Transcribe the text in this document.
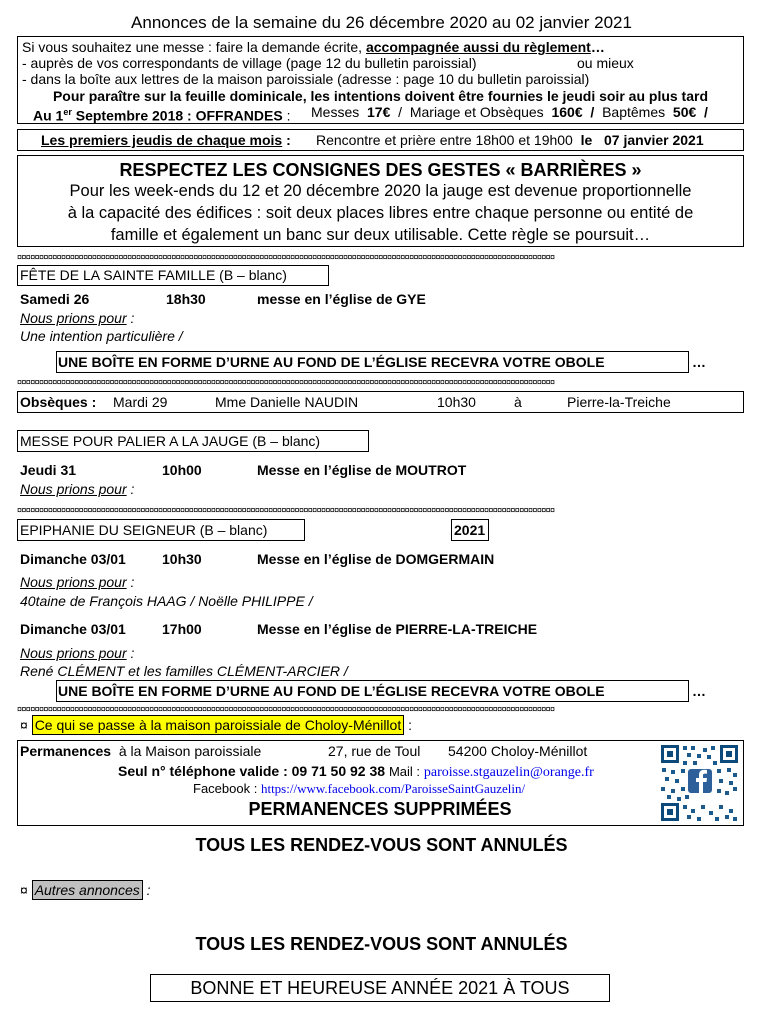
Annonces de la semaine du 26 décembre 2020 au 02 janvier 2021
Si vous souhaitez une messe : faire la demande écrite, accompagnée aussi du règlement…
- auprès de vos correspondants de village (page 12 du bulletin paroissial)	ou mieux
- dans la boîte aux lettres de la maison paroissiale (adresse : page 10 du bulletin paroissial)
Pour paraître sur la feuille dominicale, les intentions doivent être fournies le jeudi soir au plus tard
Au 1er Septembre 2018 : OFFRANDES : Messes 17€ / Mariage et Obsèques 160€ / Baptêmes 50€ /
Les premiers jeudis de chaque mois : Rencontre et prière entre 18h00 et 19h00 le 07 janvier 2021
RESPECTEZ LES CONSIGNES DES GESTES « BARRIÈRES »
Pour les week-ends du 12 et 20 décembre 2020 la jauge est devenue proportionnelle
à la capacité des édifices : soit deux places libres entre chaque personne ou entité de
famille et également un banc sur deux utilisable. Cette règle se poursuit…
¤¤¤¤¤¤¤¤¤¤¤¤¤¤¤¤¤¤¤¤¤¤¤¤¤¤¤¤¤¤¤¤¤¤¤¤¤¤¤¤¤¤¤¤¤¤¤¤¤¤¤¤¤¤¤¤¤¤¤¤¤¤¤¤¤¤¤¤¤¤¤¤¤¤¤¤¤¤¤¤¤¤¤¤¤¤¤¤¤¤¤¤¤¤¤¤¤¤¤¤¤¤¤¤¤¤¤¤¤¤¤¤¤¤¤¤¤¤¤¤¤¤
FÊTE DE LA SAINTE FAMILLE (B – blanc)
Samedi 26	18h30	messe en l’église de GYE
Nous prions pour :
Une intention particulière /
UNE BOÎTE EN FORME D’URNE AU FOND DE L’ÉGLISE RECEVRA VOTRE OBOLE	…
¤¤¤¤¤¤¤¤¤¤¤¤¤¤¤¤¤¤¤¤¤¤¤¤¤¤¤¤¤¤¤¤¤¤¤¤¤¤¤¤¤¤¤¤¤¤¤¤¤¤¤¤¤¤¤¤¤¤¤¤¤¤¤¤¤¤¤¤¤¤¤¤¤¤¤¤¤¤¤¤¤¤¤¤¤¤¤¤¤¤¤¤¤¤¤¤¤¤¤¤¤¤¤¤¤¤¤¤¤¤¤¤¤¤¤¤¤¤¤¤¤¤
Obsèques : Mardi 29	Mme Danielle NAUDIN	10h30	à	Pierre-la-Treiche
MESSE POUR PALIER A LA JAUGE (B – blanc)
Jeudi 31	10h00	Messe en l’église de MOUTROT
Nous prions pour :
¤¤¤¤¤¤¤¤¤¤¤¤¤¤¤¤¤¤¤¤¤¤¤¤¤¤¤¤¤¤¤¤¤¤¤¤¤¤¤¤¤¤¤¤¤¤¤¤¤¤¤¤¤¤¤¤¤¤¤¤¤¤¤¤¤¤¤¤¤¤¤¤¤¤¤¤¤¤¤¤¤¤¤¤¤¤¤¤¤¤¤¤¤¤¤¤¤¤¤¤¤¤¤¤¤¤¤¤¤¤¤¤¤¤¤¤¤¤¤¤¤¤
EPIPHANIE DU SEIGNEUR (B – blanc)	2021
Dimanche 03/01	10h30	Messe en l’église de DOMGERMAIN
Nous prions pour :
40taine de François HAAG / Noëlle PHILIPPE /
Dimanche 03/01	17h00	Messe en l’église de PIERRE-LA-TREICHE
Nous prions pour :
René CLÉMENT et les familles CLÉMENT-ARCIER /
UNE BOÎTE EN FORME D’URNE AU FOND DE L’ÉGLISE RECEVRA VOTRE OBOLE	…
¤¤¤¤¤¤¤¤¤¤¤¤¤¤¤¤¤¤¤¤¤¤¤¤¤¤¤¤¤¤¤¤¤¤¤¤¤¤¤¤¤¤¤¤¤¤¤¤¤¤¤¤¤¤¤¤¤¤¤¤¤¤¤¤¤¤¤¤¤¤¤¤¤¤¤¤¤¤¤¤¤¤¤¤¤¤¤¤¤¤¤¤¤¤¤¤¤¤¤¤¤¤¤¤¤¤¤¤¤¤¤¤¤¤¤¤¤¤¤¤¤¤
¤ Ce qui se passe à la maison paroissiale de Choloy-Ménillot :
Permanences à la Maison paroissiale	27, rue de Toul 54200 Choloy-Ménillot
Seul n° téléphone valide : 09 71 50 92 38 Mail : paroisse.stgauzelin@orange.fr
Facebook : https://www.facebook.com/ParoisseSaintGauzelin/
PERMANENCES SUPPRIMÉES
TOUS LES RENDEZ-VOUS SONT ANNULÉS
¤ Autres annonces :
TOUS LES RENDEZ-VOUS SONT ANNULÉS
BONNE ET HEUREUSE ANNÉE 2021 À TOUS
